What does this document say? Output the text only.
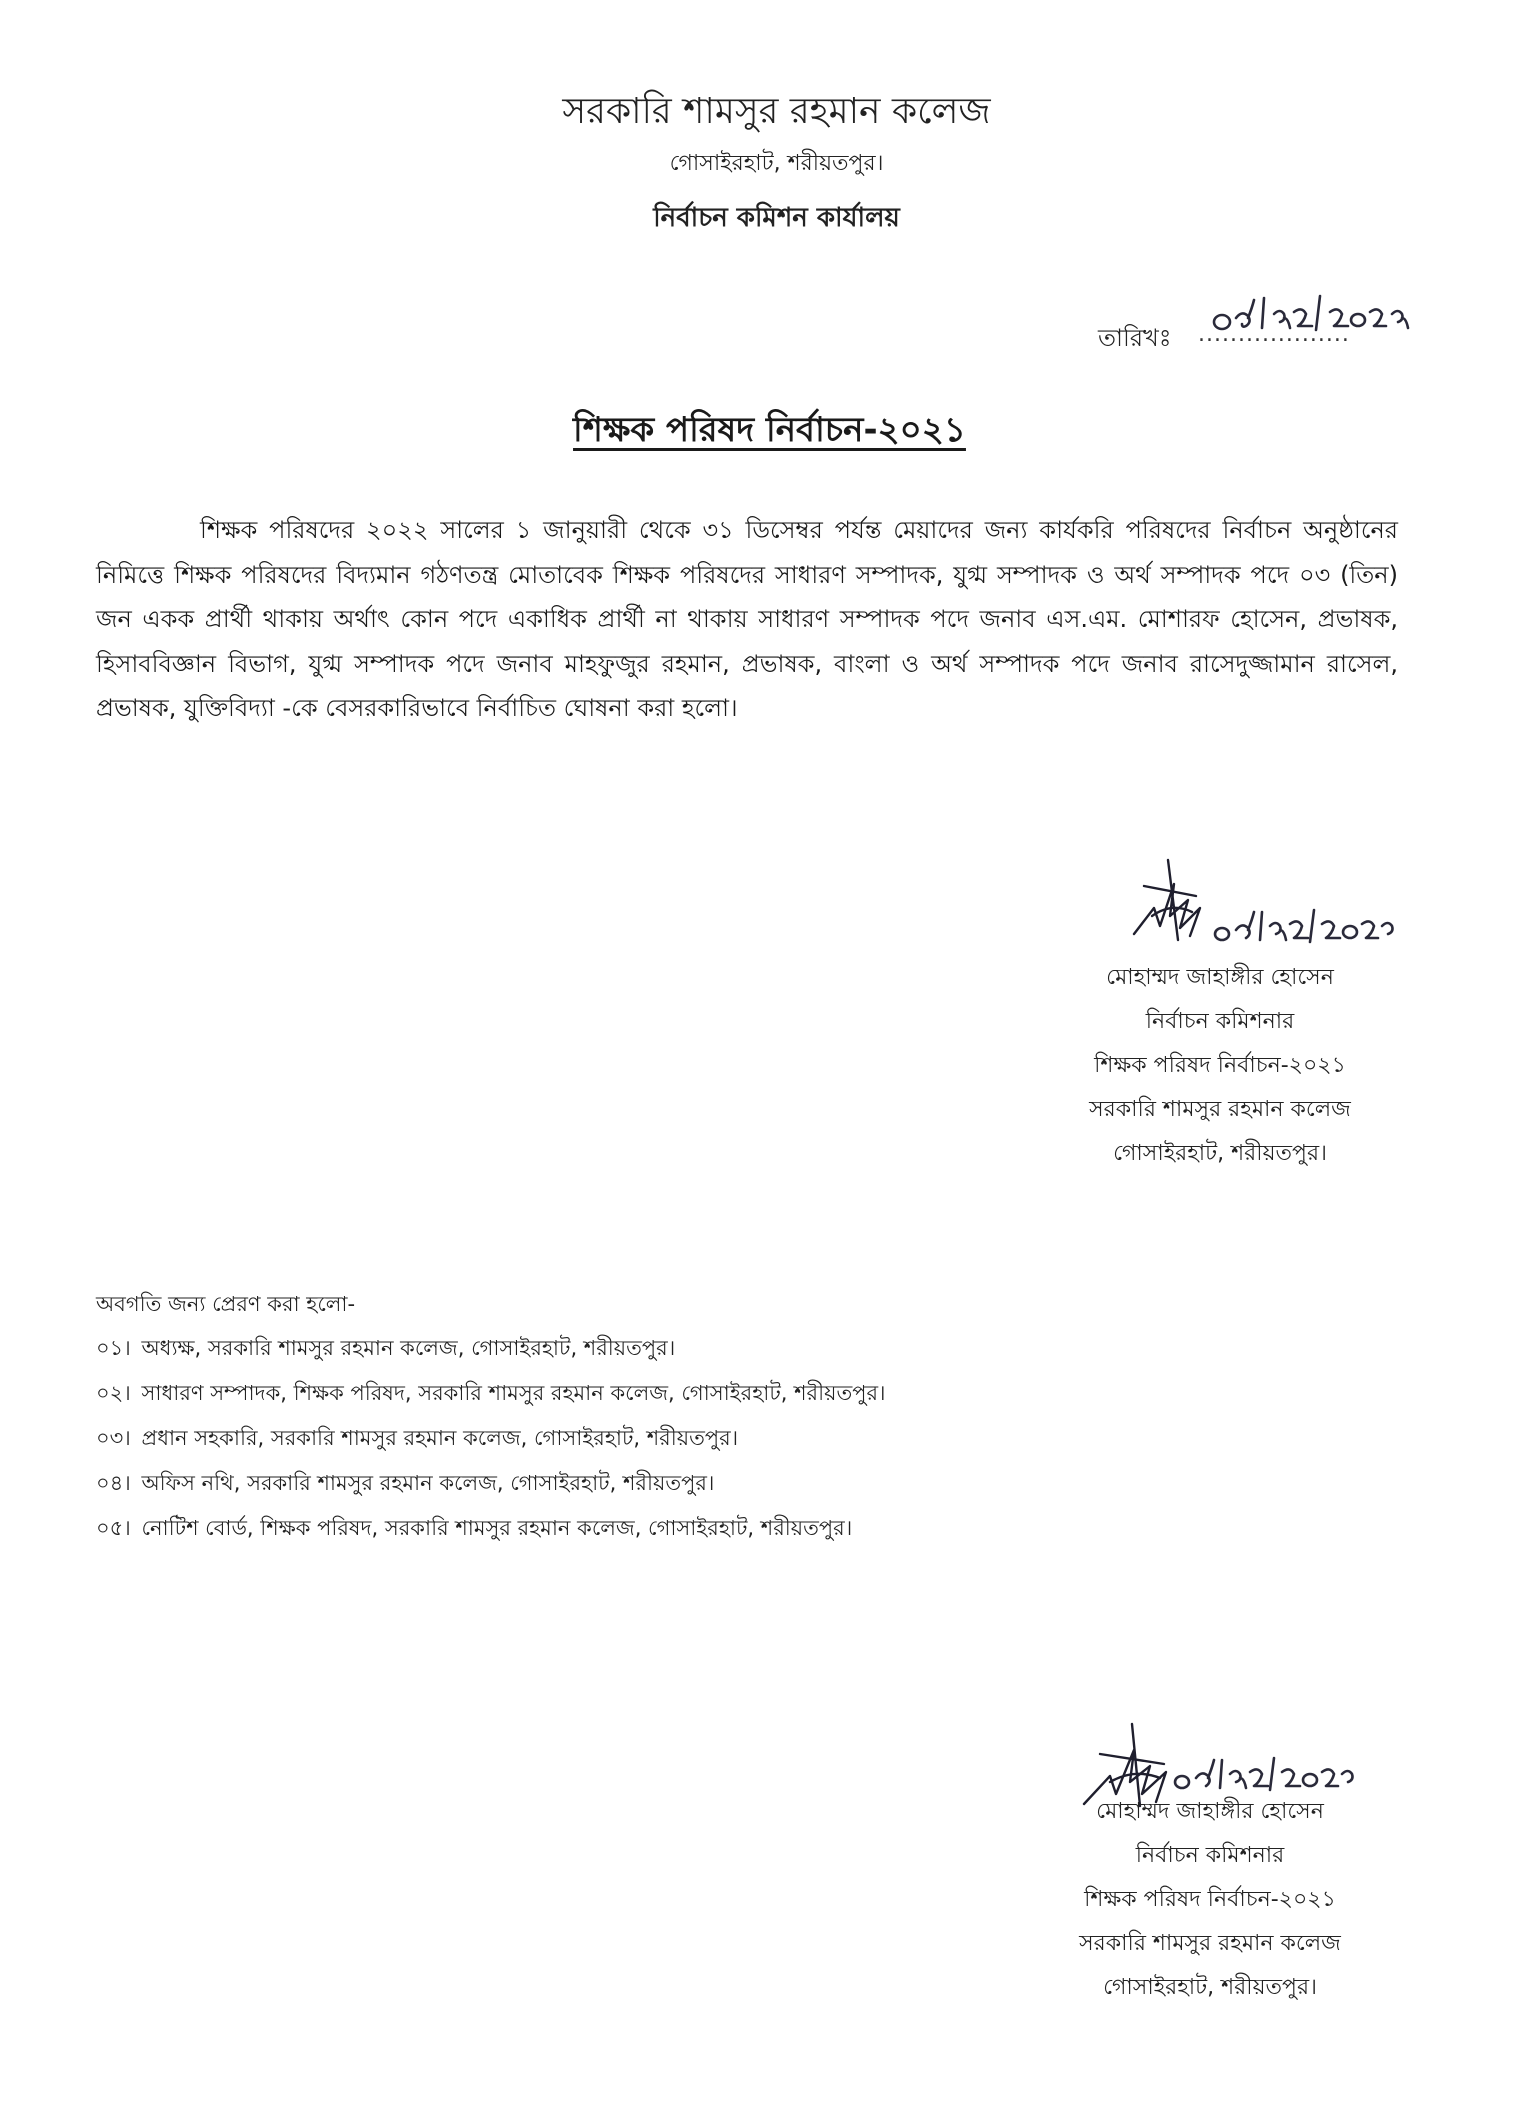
সরকারি শামসুর রহমান কলেজ
গোসাইরহাট, শরীয়তপুর।
নির্বাচন কমিশন কার্যালয়
তারিখঃ ...................
শিক্ষক পরিষদ নির্বাচন-২০২১
শিক্ষক পরিষদের ২০২২ সালের ১ জানুয়ারী থেকে ৩১ ডিসেম্বর পর্যন্ত মেয়াদের জন্য কার্যকরি পরিষদের নির্বাচন অনুষ্ঠানের নিমিত্তে শিক্ষক পরিষদের বিদ্যমান গঠণতন্ত্র মোতাবেক শিক্ষক পরিষদের সাধারণ সম্পাদক, যুগ্ম সম্পাদক ও অর্থ সম্পাদক পদে ০৩ (তিন) জন একক প্রার্থী থাকায় অর্থাৎ কোন পদে একাধিক প্রার্থী না থাকায় সাধারণ সম্পাদক পদে জনাব এস.এম. মোশারফ হোসেন, প্রভাষক, হিসাববিজ্ঞান বিভাগ, যুগ্ম সম্পাদক পদে জনাব মাহফুজুর রহমান, প্রভাষক, বাংলা ও অর্থ সম্পাদক পদে জনাব রাসেদুজ্জামান রাসেল, প্রভাষক, যুক্তিবিদ্যা -কে বেসরকারিভাবে নির্বাচিত ঘোষনা করা হলো।
মোহাম্মদ জাহাঙ্গীর হোসেন
নির্বাচন কমিশনার
শিক্ষক পরিষদ নির্বাচন-২০২১
সরকারি শামসুর রহমান কলেজ
গোসাইরহাট, শরীয়তপুর।
অবগতি জন্য প্রেরণ করা হলো-
০১। অধ্যক্ষ, সরকারি শামসুর রহমান কলেজ, গোসাইরহাট, শরীয়তপুর।
০২। সাধারণ সম্পাদক, শিক্ষক পরিষদ, সরকারি শামসুর রহমান কলেজ, গোসাইরহাট, শরীয়তপুর।
০৩। প্রধান সহকারি, সরকারি শামসুর রহমান কলেজ, গোসাইরহাট, শরীয়তপুর।
০৪। অফিস নথি, সরকারি শামসুর রহমান কলেজ, গোসাইরহাট, শরীয়তপুর।
০৫। নোটিশ বোর্ড, শিক্ষক পরিষদ, সরকারি শামসুর রহমান কলেজ, গোসাইরহাট, শরীয়তপুর।
মোহাম্মদ জাহাঙ্গীর হোসেন
নির্বাচন কমিশনার
শিক্ষক পরিষদ নির্বাচন-২০২১
সরকারি শামসুর রহমান কলেজ
গোসাইরহাট, শরীয়তপুর।
